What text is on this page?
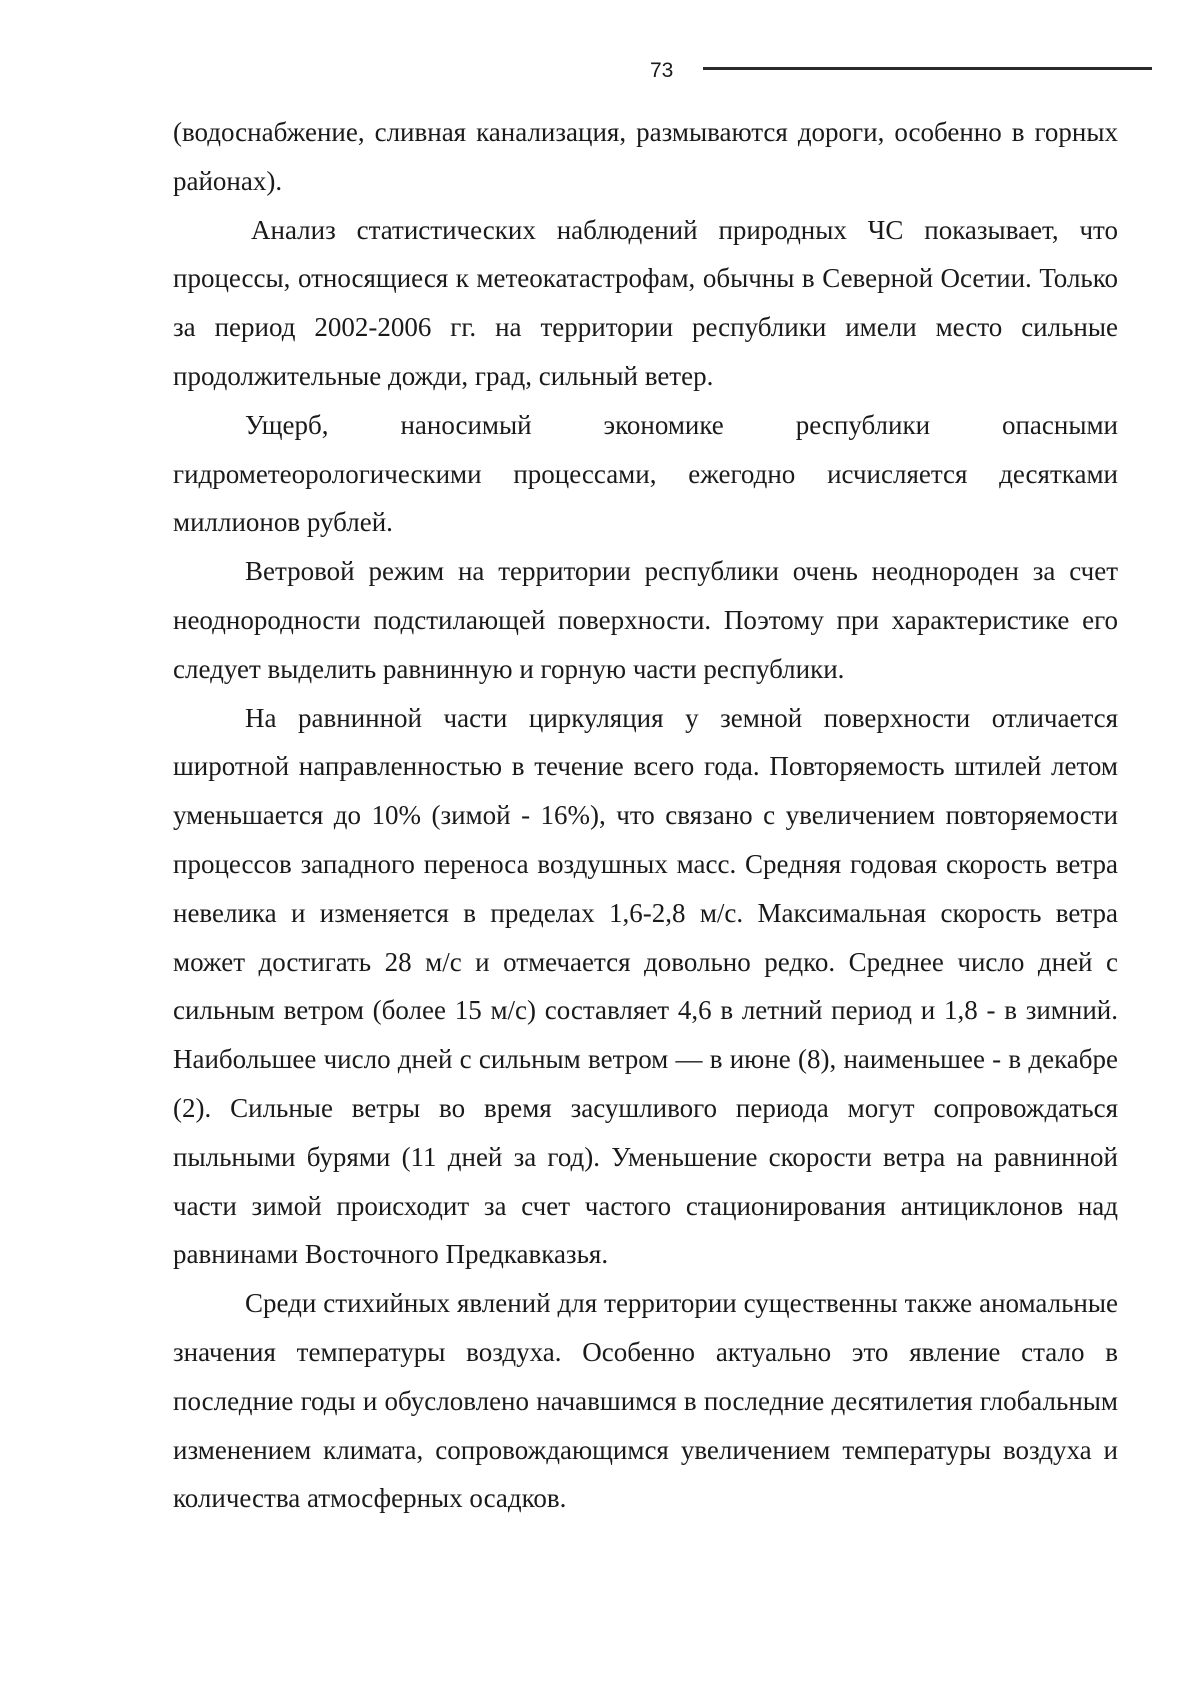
73

(водоснабжение, сливная канализация, размываются дороги, особенно в горных районах).

Анализ статистических наблюдений природных ЧС показывает, что процессы, относящиеся к метеокатастрофам, обычны в Северной Осетии. Только за период 2002-2006 гг. на территории республики имели место сильные продолжительные дожди, град, сильный ветер.

Ущерб, наносимый экономике республики опасными гидрометеорологическими процессами, ежегодно исчисляется десятками миллионов рублей.

Ветровой режим на территории республики очень неоднороден за счет неоднородности подстилающей поверхности. Поэтому при характеристике его следует выделить равнинную и горную части республики.

На равнинной части циркуляция у земной поверхности отличается широтной направленностью в течение всего года. Повторяемость штилей летом уменьшается до 10% (зимой - 16%), что связано с увеличением повторяемости процессов западного переноса воздушных масс. Средняя годовая скорость ветра невелика и изменяется в пределах 1,6-2,8 м/с. Максимальная скорость ветра может достигать 28 м/с и отмечается довольно редко. Среднее число дней с сильным ветром (более 15 м/с) составляет 4,6 в летний период и 1,8 - в зимний. Наибольшее число дней с сильным ветром — в июне (8), наименьшее - в декабре (2). Сильные ветры во время засушливого периода могут сопровождаться пыльными бурями (11 дней за год). Уменьшение скорости ветра на равнинной части зимой происходит за счет частого стационирования антициклонов над равнинами Восточного Предкавказья.

Среди стихийных явлений для территории существенны также аномальные значения температуры воздуха. Особенно актуально это явление стало в последние годы и обусловлено начавшимся в последние десятилетия глобальным изменением климата, сопровождающимся увеличением температуры воздуха и количества атмосферных осадков.
